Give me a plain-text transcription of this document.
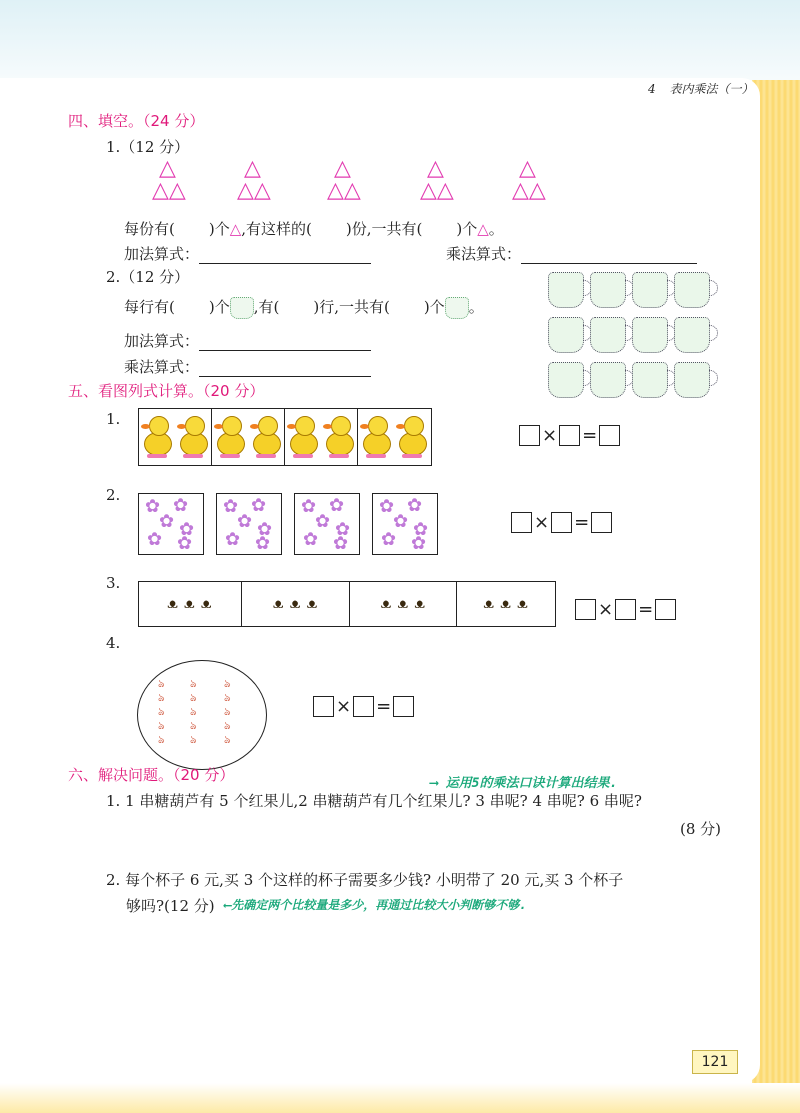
4 表内乘法（一）
四、填空。（24 分）
1.（12 分）
△
△△
△
△△
△
△△
△
△△
△
△△
每份有( )个△,有这样的( )份,一共有( )个△。
加法算式：	乘法算式：
2.（12 分）
每行有( )个 ,有( )行,一共有( )个 。
加法算式：
乘法算式：
五、看图列式计算。（20 分）
1.
× =
2.
✿
✿
✿
✿
✿
✿
✿
✿
✿
✿
✿
✿
✿
✿
✿
✿
✿
✿
✿
✿
✿
✿
✿
✿
× =
3.
ᴥ ᴥ ᴥ	ᴥ ᴥ ᴥ	ᴥ ᴥ ᴥ	ᴥ ᴥ ᴥ	× =
4.
ঌ
ঌ
ঌ
ঌ
ঌ
ঌ
ঌ
ঌ
ঌ
ঌ
ঌ
ঌ
ঌ
ঌ
ঌ
× =
六、解决问题。（20 分）	⟶ 运用5的乘法口诀计算出结果.
1. 1 串糖葫芦有 5 个红果儿,2 串糖葫芦有几个红果儿? 3 串呢? 4 串呢? 6 串呢?
(8 分)
2. 每个杯子 6 元,买 3 个这样的杯子需要多少钱? 小明带了 20 元,买 3 个杯子
够吗?(12 分) ⟵先确定两个比较量是多少，再通过比较大小判断够不够.
121
